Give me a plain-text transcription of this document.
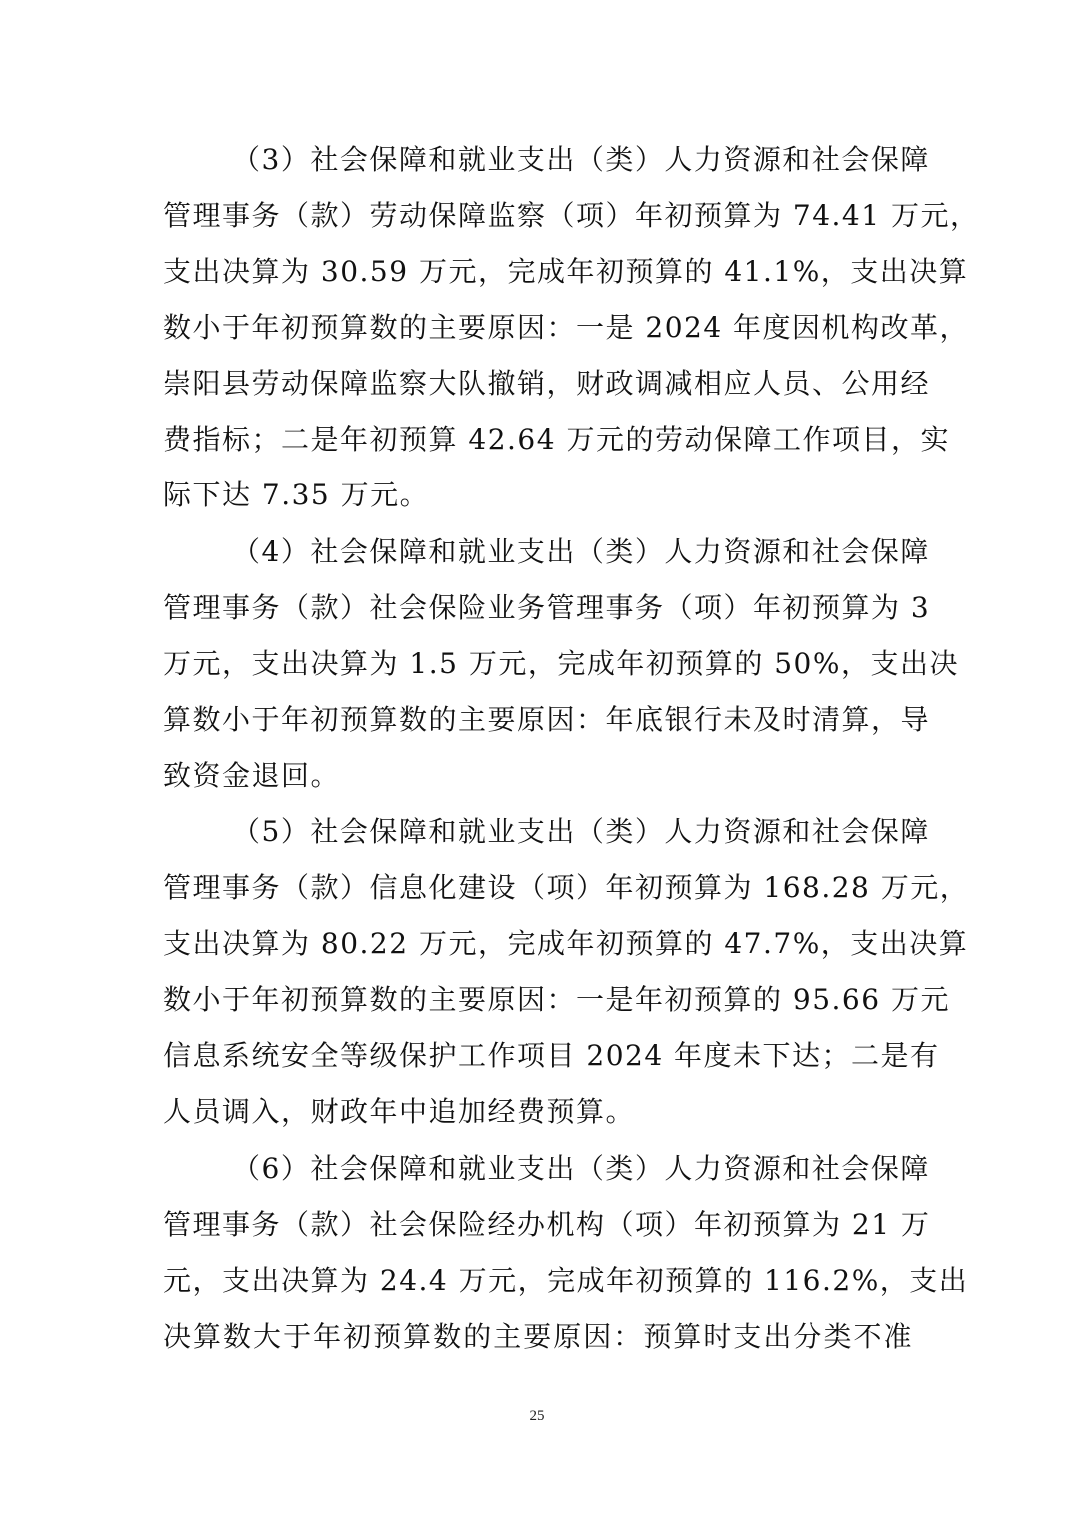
（3）社会保障和就业支出（类）人力资源和社会保障
管理事务（款）劳动保障监察（项）年初预算为 74.41 万元，
支出决算为 30.59 万元，完成年初预算的 41.1%，支出决算
数小于年初预算数的主要原因：一是 2024 年度因机构改革，
崇阳县劳动保障监察大队撤销，财政调减相应人员、公用经
费指标；二是年初预算 42.64 万元的劳动保障工作项目，实
际下达 7.35 万元。
（4）社会保障和就业支出（类）人力资源和社会保障
管理事务（款）社会保险业务管理事务（项）年初预算为 3
万元，支出决算为 1.5 万元，完成年初预算的 50%，支出决
算数小于年初预算数的主要原因：年底银行未及时清算，导
致资金退回。
（5）社会保障和就业支出（类）人力资源和社会保障
管理事务（款）信息化建设（项）年初预算为 168.28 万元，
支出决算为 80.22 万元，完成年初预算的 47.7%，支出决算
数小于年初预算数的主要原因：一是年初预算的 95.66 万元
信息系统安全等级保护工作项目 2024 年度未下达；二是有
人员调入，财政年中追加经费预算。
（6）社会保障和就业支出（类）人力资源和社会保障
管理事务（款）社会保险经办机构（项）年初预算为 21 万
元，支出决算为 24.4 万元，完成年初预算的 116.2%，支出
决算数大于年初预算数的主要原因：预算时支出分类不准
25
